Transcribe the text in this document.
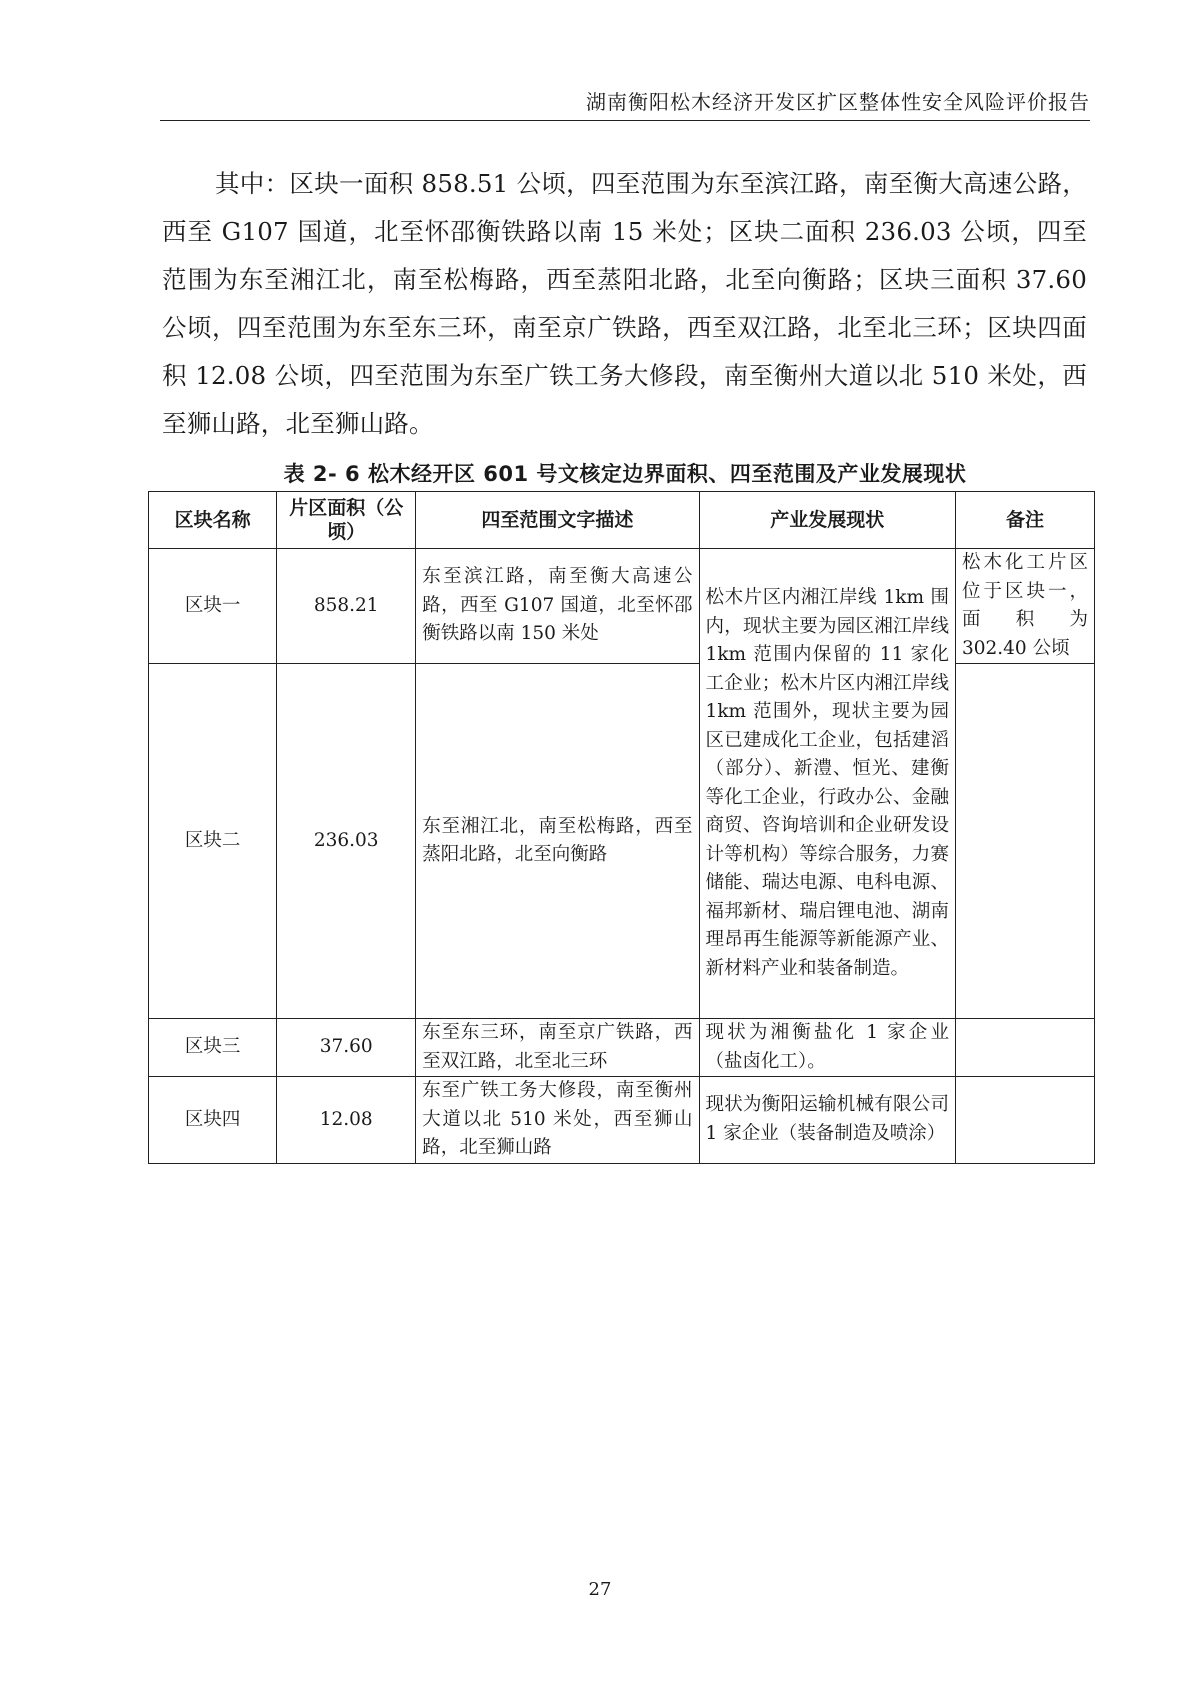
湖南衡阳松木经济开发区扩区整体性安全风险评价报告

其中：区块一面积 858.51 公顷，四至范围为东至滨江路，南至衡大高速公路，西至 G107 国道，北至怀邵衡铁路以南 15 米处；区块二面积 236.03 公顷，四至范围为东至湘江北，南至松梅路，西至蒸阳北路，北至向衡路；区块三面积 37.60 公顷，四至范围为东至东三环，南至京广铁路，西至双江路，北至北三环；区块四面积 12.08 公顷，四至范围为东至广铁工务大修段，南至衡州大道以北 510 米处，西至狮山路，北至狮山路。

表 2- 6 松木经开区 601 号文核定边界面积、四至范围及产业发展现状
区块名称	片区面积（公顷）	四至范围文字描述	产业发展现状	备注
区块一	858.21	东至滨江路，南至衡大高速公路，西至 G107 国道，北至怀邵衡铁路以南 150 米处	松木片区内湘江岸线 1km 围内，现状主要为园区湘江岸线 1km 范围内保留的 11 家化工企业；松木片区内湘江岸线 1km 范围外，现状主要为园区已建成化工企业，包括建滔（部分）、新澧、恒光、建衡等化工企业，行政办公、金融商贸、咨询培训和企业研发设计等机构）等综合服务，力赛储能、瑞达电源、电科电源、福邦新材、瑞启锂电池、湖南理昂再生能源等新能源产业、新材料产业和装备制造。	松木化工片区位于区块一，面积为 302.40 公顷
区块二	236.03	东至湘江北，南至松梅路，西至蒸阳北路，北至向衡路		
区块三	37.60	东至东三环，南至京广铁路，西至双江路，北至北三环	现状为湘衡盐化 1 家企业（盐卤化工）。	
区块四	12.08	东至广铁工务大修段，南至衡州大道以北 510 米处，西至狮山路，北至狮山路	现状为衡阳运输机械有限公司 1 家企业（装备制造及喷涂）	
27
